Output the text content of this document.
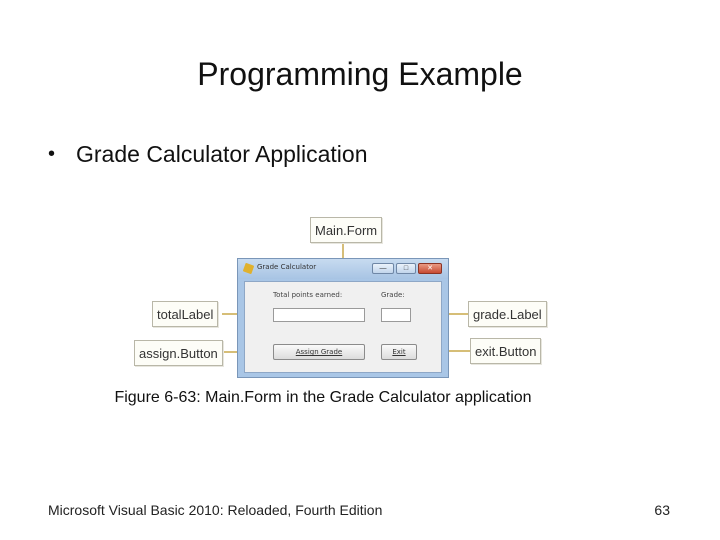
Programming Example
• Grade Calculator Application
Main.Form
totalLabel	grade.Label
assign.Button	exit.Button
Grade Calculator	—	□	✕
Total points earned:	Grade:
Assign Grade	Exit
Figure 6-63: Main.Form in the Grade Calculator application
Microsoft Visual Basic 2010: Reloaded, Fourth Edition	63
